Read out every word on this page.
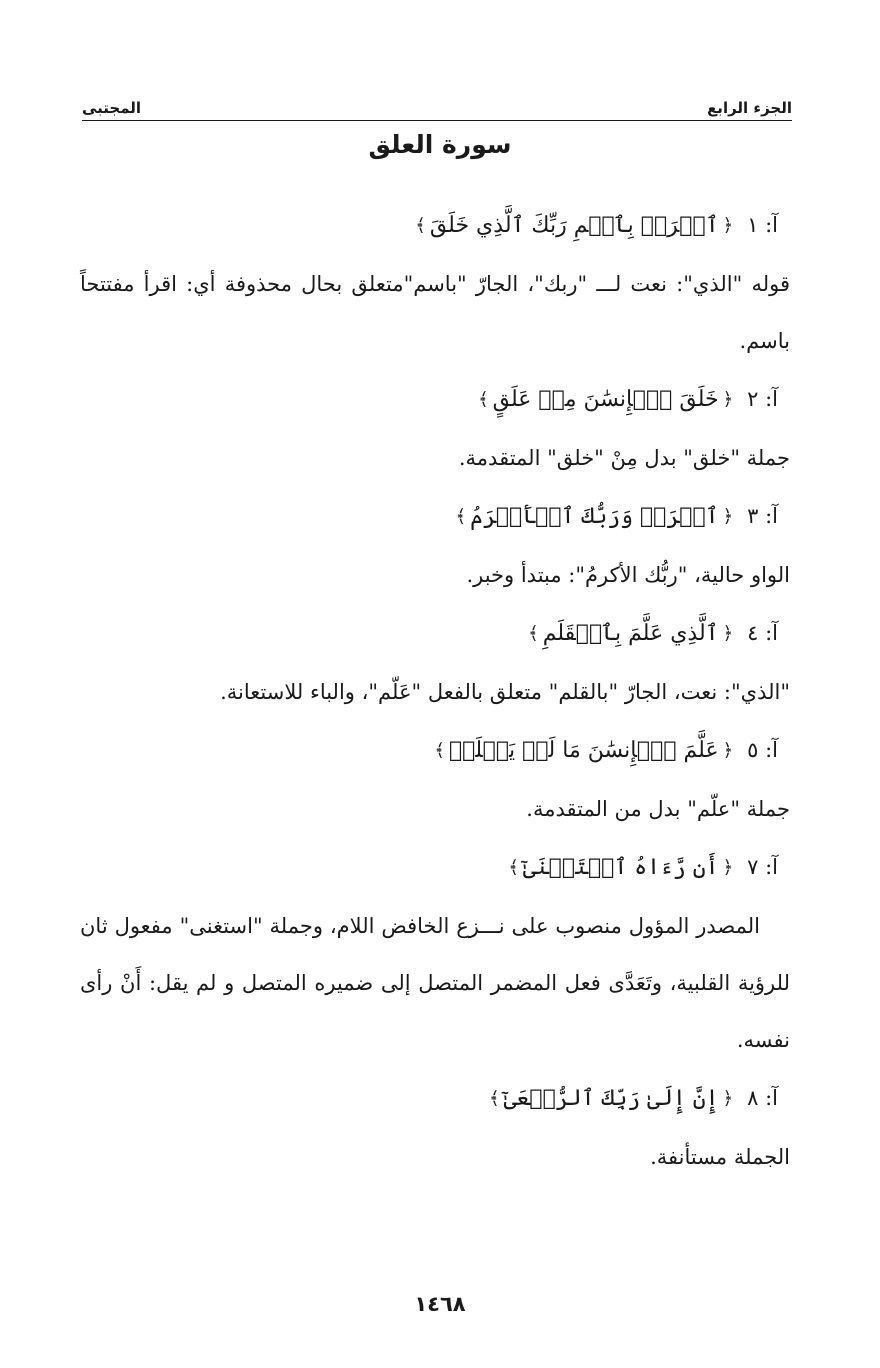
الجزء الرابع
المجتبى
سورة العلق

آ: ١﴿ٱقۡرَأۡ بِٱسۡمِ رَبِّكَ ٱلَّذِي خَلَقَ﴾

قوله "الذي": نعت لـــ "ربك"، الجارّ "باسم"متعلق بحال محذوفة أي: اقرأ مفتتحاً باسم.

آ: ٢﴿خَلَقَ ٱلۡإِنسَٰنَ مِنۡ عَلَقٍ﴾

جملة "خلق" بدل مِنْ "خلق" المتقدمة.

آ: ٣﴿ٱقۡرَأۡ وَرَبُّكَ ٱلۡأَكۡرَمُ﴾

الواو حالية، "ربُّك الأكرمُ": مبتدأ وخبر.

آ: ٤﴿ٱلَّذِي عَلَّمَ بِٱلۡقَلَمِ﴾

"الذي": نعت، الجارّ "بالقلم" متعلق بالفعل "عَلّم"، والباء للاستعانة.

آ: ٥﴿عَلَّمَ ٱلۡإِنسَٰنَ مَا لَمۡ يَعۡلَمۡ﴾

جملة "علّم" بدل من المتقدمة.

آ: ٧﴿أَن رَّءَاهُ ٱسۡتَغۡنَىٰٓ﴾

المصدر المؤول منصوب على نـــزع الخافض اللام، وجملة "استغنى" مفعول ثان للرؤية القلبية، وتَعَدَّى فعل المضمر المتصل إلى ضميره المتصل و لم يقل: أَنْ رأى نفسه.

آ: ٨﴿إِنَّ إِلَىٰ رَبِّكَ ٱلرُّجۡعَىٰٓ﴾

الجملة مستأنفة.

١٤٦٨
